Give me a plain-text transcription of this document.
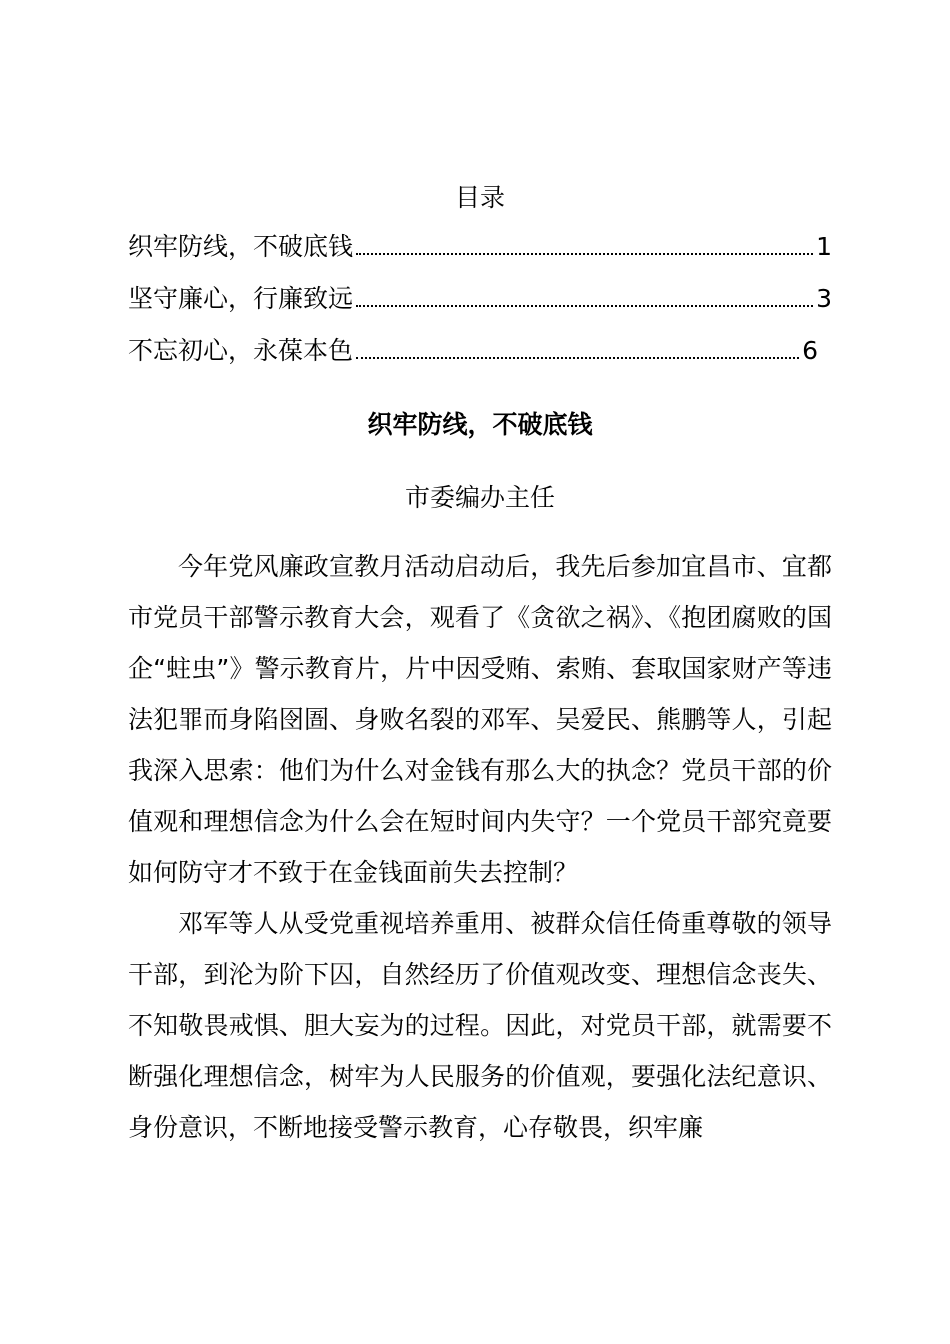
目录
织牢防线，不破底钱	1
坚守廉心，行廉致远	3
不忘初心，永葆本色	6
织牢防线，不破底钱
市委编办主任

今年党风廉政宣教月活动启动后，我先后参加宜昌市、宜都市党员干部警示教育大会，观看了《贪欲之祸》、《抱团腐败的国企“蛀虫”》警示教育片，片中因受贿、索贿、套取国家财产等违法犯罪而身陷囹圄、身败名裂的邓军、吴爱民、熊鹏等人，引起我深入思索：他们为什么对金钱有那么大的执念？党员干部的价值观和理想信念为什么会在短时间内失守？一个党员干部究竟要如何防守才不致于在金钱面前失去控制？

邓军等人从受党重视培养重用、被群众信任倚重尊敬的领导干部，到沦为阶下囚，自然经历了价值观改变、理想信念丧失、不知敬畏戒惧、胆大妄为的过程。因此，对党员干部，就需要不断强化理想信念，树牢为人民服务的价值观，要强化法纪意识、身份意识，不断地接受警示教育，心存敬畏，织牢廉
